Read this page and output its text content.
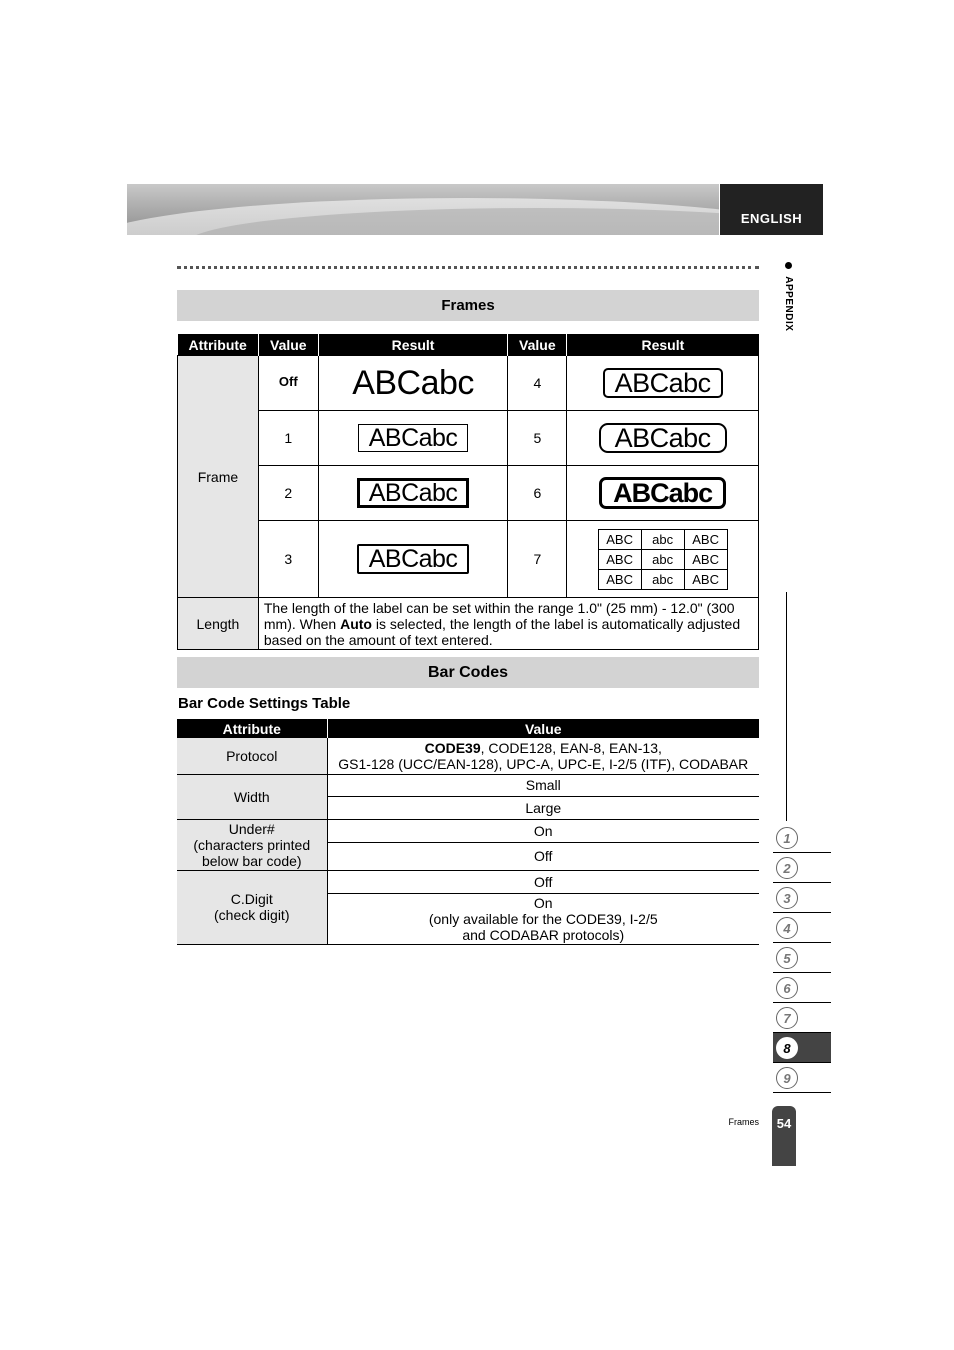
ENGLISH
APPENDIX
Frames
Attribute	Value	Result	Value	Result
Frame	Off	ABCabc	4	ABCabc
1	ABCabc	5	ABCabc
2	ABCabc	6	ABCabc
3	ABCabc	7	
ABC	abc	ABC
ABC	abc	ABC
ABC	abc	ABC

Length	The length of the label can be set within the range 1.0" (25 mm) - 12.0" (300 mm). When Auto is selected, the length of the label is automatically adjusted based on the amount of text entered.
Bar Codes
Bar Code Settings Table
Attribute	Value
Protocol	CODE39, CODE128, EAN-8, EAN-13,
GS1-128 (UCC/EAN-128), UPC-A, UPC-E, I-2/5 (ITF), CODABAR
Width	Small
	Large
Under#
(characters printed
below bar code)	On
	Off
C.Digit
(check digit)	Off
	On
(only available for the CODE39, I-2/5
and CODABAR protocols)
1
2
3
4
5
6
7
8
9
Frames	54
